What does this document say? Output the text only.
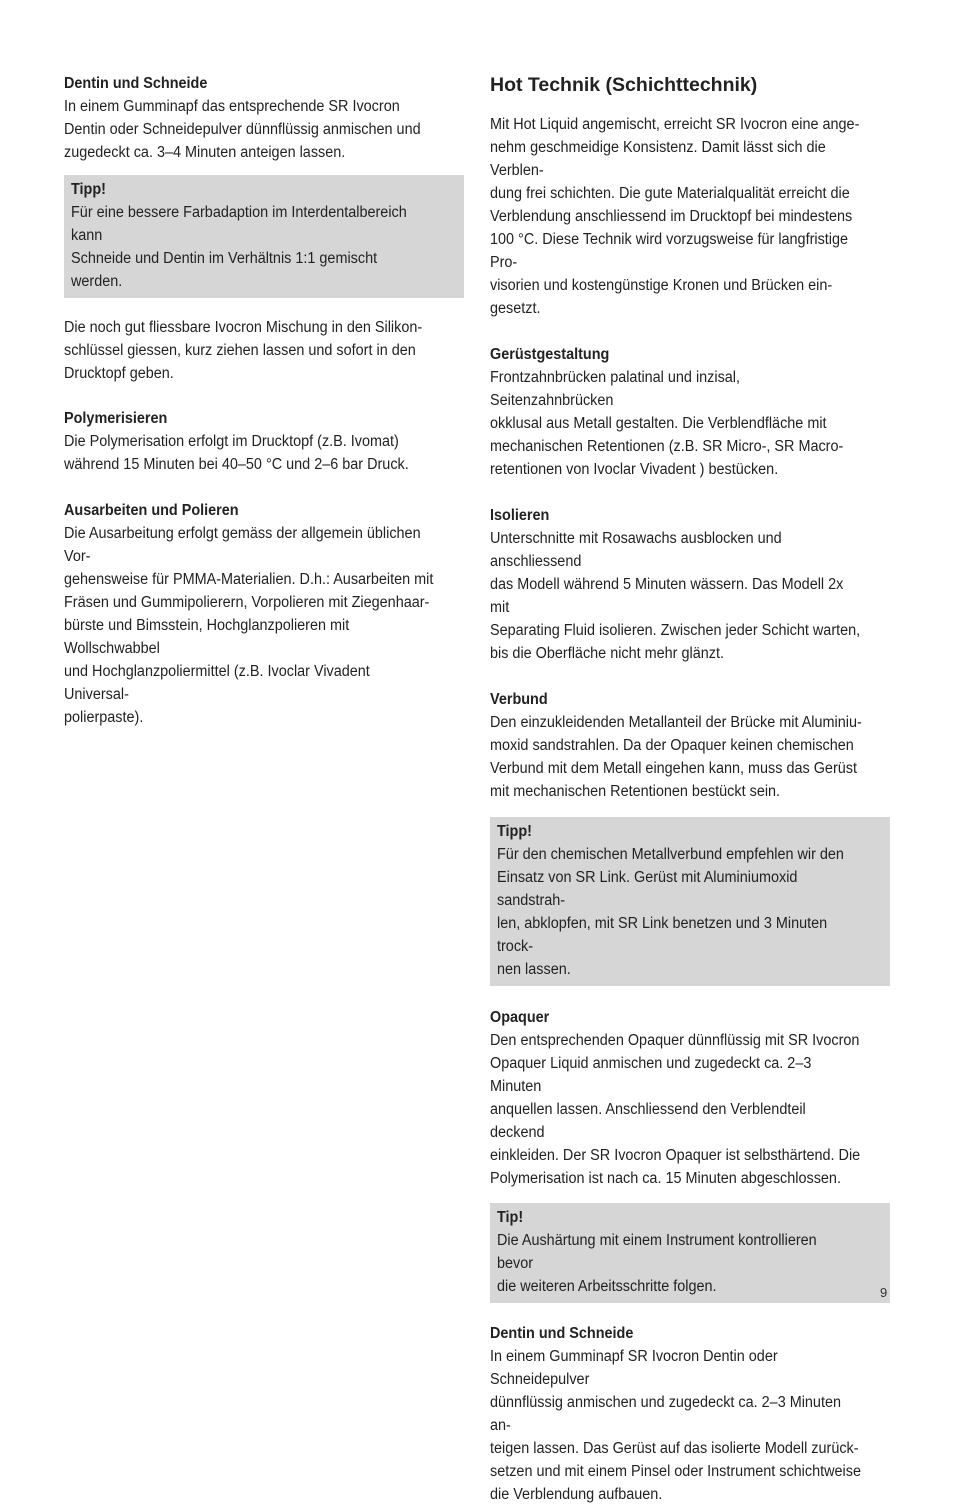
Dentin und Schneide

In einem Gumminapf das entsprechende SR Ivocron
Dentin oder Schneidepulver dünnflüssig anmischen und
zugedeckt ca. 3–4 Minuten anteigen lassen.

Tipp!

Für eine bessere Farbadaption im Interdentalbereich kann
Schneide und Dentin im Verhältnis 1:1 gemischt werden.

Die noch gut fliessbare Ivocron Mischung in den Silikon-
schlüssel giessen, kurz ziehen lassen und sofort in den
Drucktopf geben.

Polymerisieren

Die Polymerisation erfolgt im Drucktopf (z.B. Ivomat)
während 15 Minuten bei 40–50 °C und 2–6 bar Druck.

Ausarbeiten und Polieren

Die Ausarbeitung erfolgt gemäss der allgemein üblichen Vor-
gehensweise für PMMA-Materialien. D.h.: Ausarbeiten mit
Fräsen und Gummipolierern, Vorpolieren mit Ziegenhaar-
bürste und Bimsstein, Hochglanzpolieren mit Wollschwabbel
und Hochglanzpoliermittel (z.B. Ivoclar Vivadent Universal-
polierpaste).

Hot Technik (Schichttechnik)

Mit Hot Liquid angemischt, erreicht SR Ivocron eine ange-
nehm geschmeidige Konsistenz. Damit lässt sich die Verblen-
dung frei schichten. Die gute Materialqualität erreicht die
Verblendung anschliessend im Drucktopf bei mindestens
100 °C. Diese Technik wird vorzugsweise für langfristige Pro-
visorien und kostengünstige Kronen und Brücken ein-
gesetzt.

Gerüstgestaltung

Frontzahnbrücken palatinal und inzisal, Seitenzahnbrücken
okklusal aus Metall gestalten. Die Verblendfläche mit
mechanischen Retentionen (z.B. SR Micro-, SR Macro-
retentionen von Ivoclar Vivadent ) bestücken.

Isolieren

Unterschnitte mit Rosawachs ausblocken und anschliessend
das Modell während 5 Minuten wässern. Das Modell 2x mit
Separating Fluid isolieren. Zwischen jeder Schicht warten,
bis die Oberfläche nicht mehr glänzt.

Verbund

Den einzukleidenden Metallanteil der Brücke mit Aluminiu-
moxid sandstrahlen. Da der Opaquer keinen chemischen
Verbund mit dem Metall eingehen kann, muss das Gerüst
mit mechanischen Retentionen bestückt sein.

Tipp!

Für den chemischen Metallverbund empfehlen wir den
Einsatz von SR Link. Gerüst mit Aluminiumoxid sandstrah-
len, abklopfen, mit SR Link benetzen und 3 Minuten trock-
nen lassen.

Opaquer

Den entsprechenden Opaquer dünnflüssig mit SR Ivocron
Opaquer Liquid anmischen und zugedeckt ca. 2–3 Minuten
anquellen lassen. Anschliessend den Verblendteil deckend
einkleiden. Der SR Ivocron Opaquer ist selbsthärtend. Die
Polymerisation ist nach ca. 15 Minuten abgeschlossen.

Tip!

Die Aushärtung mit einem Instrument kontrollieren bevor
die weiteren Arbeitsschritte folgen.

Dentin und Schneide

In einem Gumminapf SR Ivocron Dentin oder Schneidepulver
dünnflüssig anmischen und zugedeckt ca. 2–3 Minuten an-
teigen lassen. Das Gerüst auf das isolierte Modell zurück-
setzen und mit einem Pinsel oder Instrument schichtweise
die Verblendung aufbauen.

9
